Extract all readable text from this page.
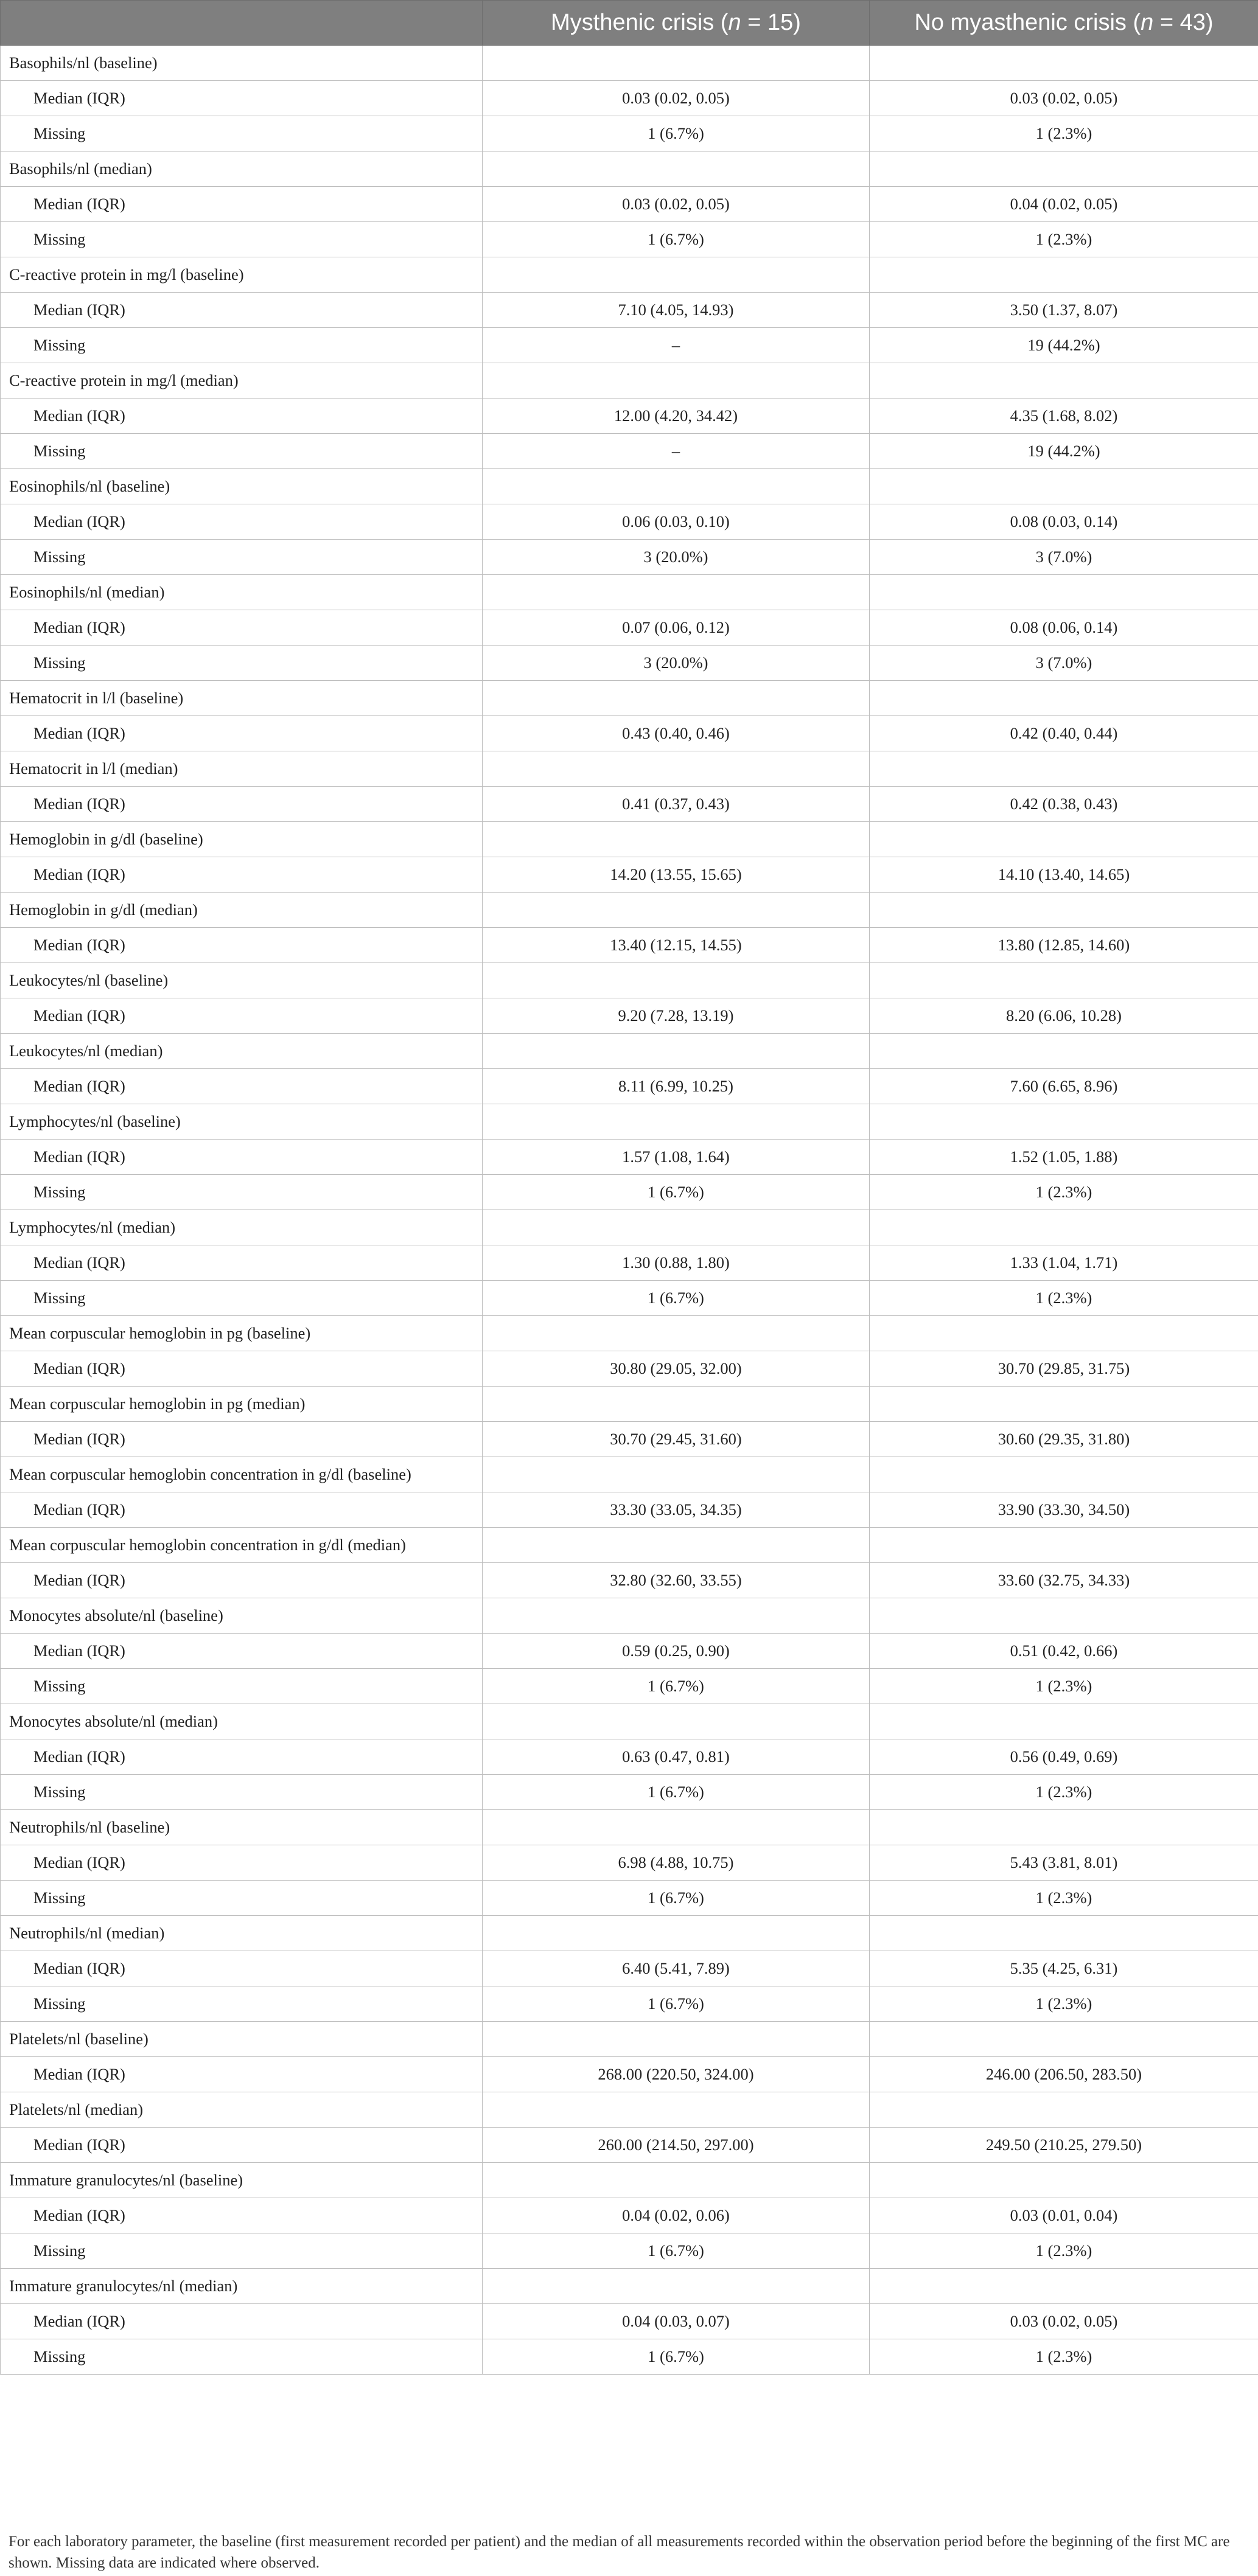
	Mysthenic crisis (n = 15)	No myasthenic crisis (n = 43)
Basophils/nl (baseline)		
Median (IQR)	0.03 (0.02, 0.05)	0.03 (0.02, 0.05)
Missing	1 (6.7%)	1 (2.3%)
Basophils/nl (median)		
Median (IQR)	0.03 (0.02, 0.05)	0.04 (0.02, 0.05)
Missing	1 (6.7%)	1 (2.3%)
C-reactive protein in mg/l (baseline)		
Median (IQR)	7.10 (4.05, 14.93)	3.50 (1.37, 8.07)
Missing	–	19 (44.2%)
C-reactive protein in mg/l (median)		
Median (IQR)	12.00 (4.20, 34.42)	4.35 (1.68, 8.02)
Missing	–	19 (44.2%)
Eosinophils/nl (baseline)		
Median (IQR)	0.06 (0.03, 0.10)	0.08 (0.03, 0.14)
Missing	3 (20.0%)	3 (7.0%)
Eosinophils/nl (median)		
Median (IQR)	0.07 (0.06, 0.12)	0.08 (0.06, 0.14)
Missing	3 (20.0%)	3 (7.0%)
Hematocrit in l/l (baseline)		
Median (IQR)	0.43 (0.40, 0.46)	0.42 (0.40, 0.44)
Hematocrit in l/l (median)		
Median (IQR)	0.41 (0.37, 0.43)	0.42 (0.38, 0.43)
Hemoglobin in g/dl (baseline)		
Median (IQR)	14.20 (13.55, 15.65)	14.10 (13.40, 14.65)
Hemoglobin in g/dl (median)		
Median (IQR)	13.40 (12.15, 14.55)	13.80 (12.85, 14.60)
Leukocytes/nl (baseline)		
Median (IQR)	9.20 (7.28, 13.19)	8.20 (6.06, 10.28)
Leukocytes/nl (median)		
Median (IQR)	8.11 (6.99, 10.25)	7.60 (6.65, 8.96)
Lymphocytes/nl (baseline)		
Median (IQR)	1.57 (1.08, 1.64)	1.52 (1.05, 1.88)
Missing	1 (6.7%)	1 (2.3%)
Lymphocytes/nl (median)		
Median (IQR)	1.30 (0.88, 1.80)	1.33 (1.04, 1.71)
Missing	1 (6.7%)	1 (2.3%)
Mean corpuscular hemoglobin in pg (baseline)		
Median (IQR)	30.80 (29.05, 32.00)	30.70 (29.85, 31.75)
Mean corpuscular hemoglobin in pg (median)		
Median (IQR)	30.70 (29.45, 31.60)	30.60 (29.35, 31.80)
Mean corpuscular hemoglobin concentration in g/dl (baseline)		
Median (IQR)	33.30 (33.05, 34.35)	33.90 (33.30, 34.50)
Mean corpuscular hemoglobin concentration in g/dl (median)		
Median (IQR)	32.80 (32.60, 33.55)	33.60 (32.75, 34.33)
Monocytes absolute/nl (baseline)		
Median (IQR)	0.59 (0.25, 0.90)	0.51 (0.42, 0.66)
Missing	1 (6.7%)	1 (2.3%)
Monocytes absolute/nl (median)		
Median (IQR)	0.63 (0.47, 0.81)	0.56 (0.49, 0.69)
Missing	1 (6.7%)	1 (2.3%)
Neutrophils/nl (baseline)		
Median (IQR)	6.98 (4.88, 10.75)	5.43 (3.81, 8.01)
Missing	1 (6.7%)	1 (2.3%)
Neutrophils/nl (median)		
Median (IQR)	6.40 (5.41, 7.89)	5.35 (4.25, 6.31)
Missing	1 (6.7%)	1 (2.3%)
Platelets/nl (baseline)		
Median (IQR)	268.00 (220.50, 324.00)	246.00 (206.50, 283.50)
Platelets/nl (median)		
Median (IQR)	260.00 (214.50, 297.00)	249.50 (210.25, 279.50)
Immature granulocytes/nl (baseline)		
Median (IQR)	0.04 (0.02, 0.06)	0.03 (0.01, 0.04)
Missing	1 (6.7%)	1 (2.3%)
Immature granulocytes/nl (median)		
Median (IQR)	0.04 (0.03, 0.07)	0.03 (0.02, 0.05)
Missing	1 (6.7%)	1 (2.3%)
For each laboratory parameter, the baseline (first measurement recorded per patient) and the median of all measurements recorded within the observation period before the beginning of the first MC are shown. Missing data are indicated where observed.
